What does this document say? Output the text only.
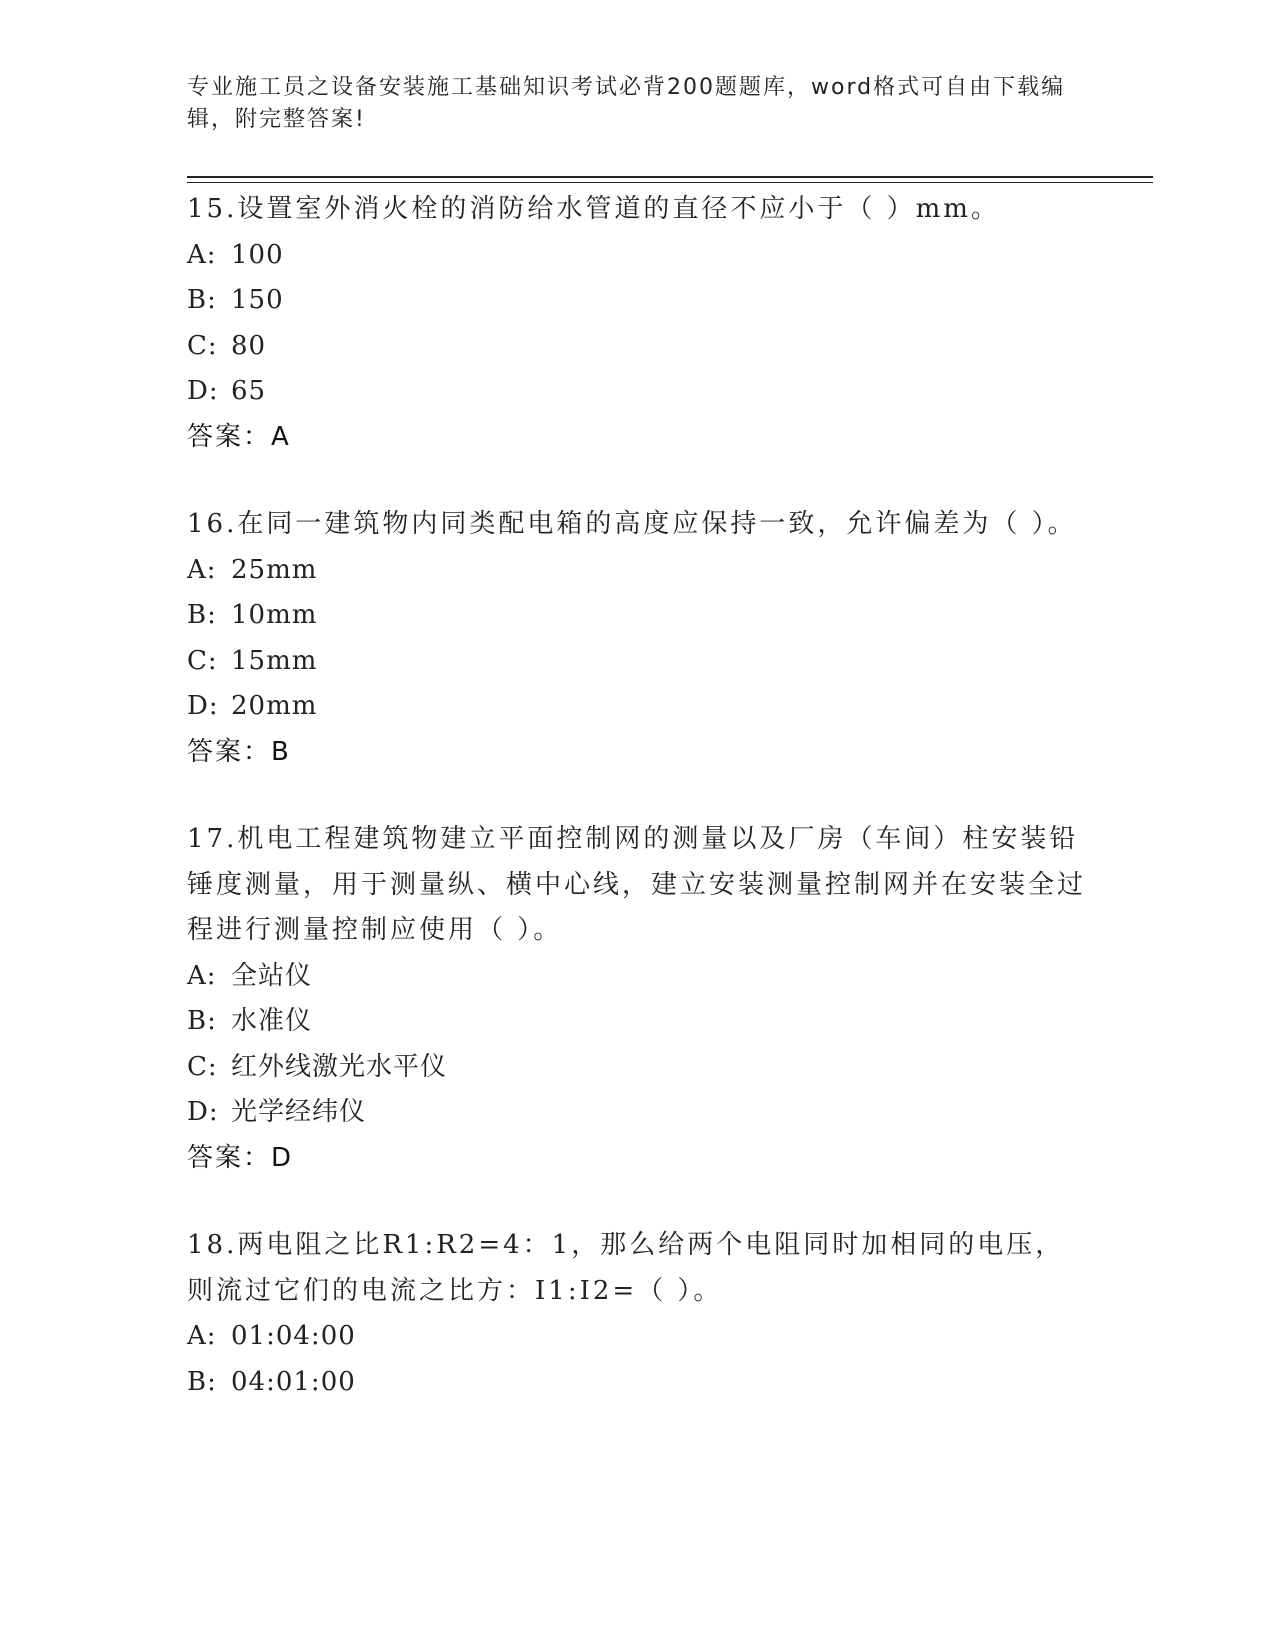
专业施工员之设备安装施工基础知识考试必背200题题库，word格式可自由下载编辑，附完整答案!

15.设置室外消火栓的消防给水管道的直径不应小于（ ）mm。

A: 100

B: 150

C: 80

D: 65

答案：A

16.在同一建筑物内同类配电箱的高度应保持一致，允许偏差为（ ）。

A: 25mm

B: 10mm

C: 15mm

D: 20mm

答案：B

17.机电工程建筑物建立平面控制网的测量以及厂房（车间）柱安装铅锤度测量，用于测量纵、横中心线，建立安装测量控制网并在安装全过程进行测量控制应使用（ ）。

A: 全站仪

B: 水准仪

C: 红外线激光水平仪

D: 光学经纬仪

答案：D

18.两电阻之比R1:R2=4：1，那么给两个电阻同时加相同的电压，则流过它们的电流之比方：I1:I2=（ ）。

A: 01:04:00

B: 04:01:00
